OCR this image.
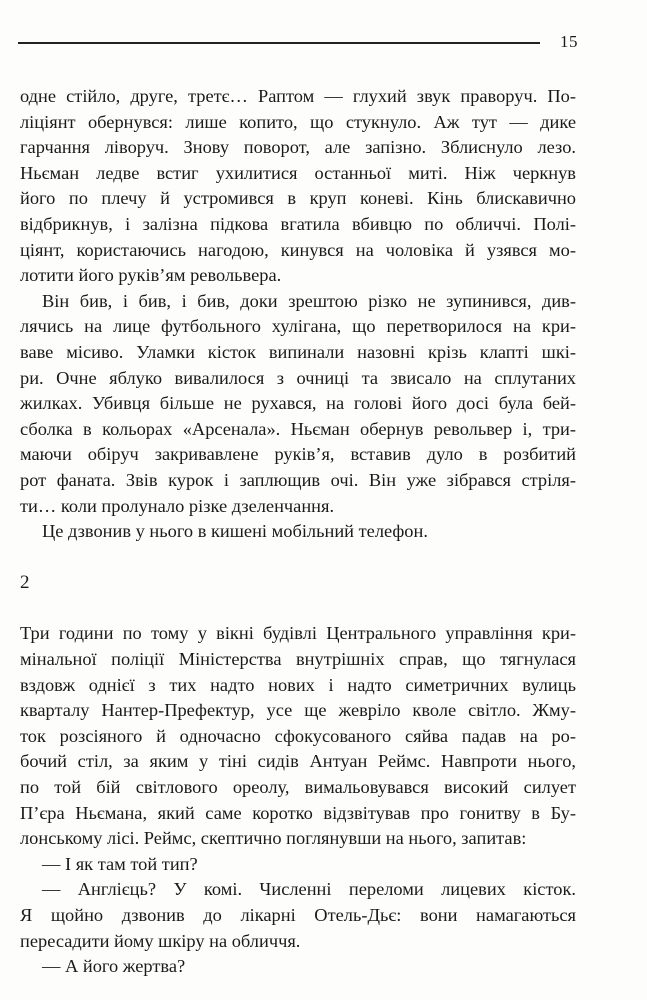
15

одне стійло, друге, третє… Раптом — глухий звук праворуч. По-

ліціянт обернувся: лише копито, що стукнуло. Аж тут — дике

гарчання ліворуч. Знову поворот, але запізно. Зблиснуло лезо.

Ньєман ледве встиг ухилитися останньої миті. Ніж черкнув

його по плечу й устромився в круп коневі. Кінь блискавично

відбрикнув, і залізна підкова вгатила вбивцю по обличчі. Полі-

ціянт, користаючись нагодою, кинувся на чоловіка й узявся мо-

лотити його руків’ям револьвера.

Він бив, і бив, і бив, доки зрештою різко не зупинився, див-

лячись на лице футбольного хулігана, що перетворилося на кри-

ваве місиво. Уламки кісток випинали назовні крізь клапті шкі-

ри. Очне яблуко вивалилося з очниці та звисало на сплутаних

жилках. Убивця більше не рухався, на голові його досі була бей-

сболка в кольорах «Арсенала». Ньєман обернув револьвер і, три-

маючи обіруч закривавлене руків’я, вставив дуло в розбитий

рот фаната. Звів курок і заплющив очі. Він уже зібрався стріля-

ти… коли пролунало різке дзеленчання.

Це дзвонив у нього в кишені мобільний телефон.

2

Три години по тому у вікні будівлі Центрального управління кри-

мінальної поліції Міністерства внутрішніх справ, що тягнулася

вздовж однієї з тих надто нових і надто симетричних вулиць

кварталу Нантер-Префектур, усе ще жевріло кволе світло. Жму-

ток розсіяного й одночасно сфокусованого сяйва падав на ро-

бочий стіл, за яким у тіні сидів Антуан Реймс. Навпроти нього,

по той бій світлового ореолу, вимальовувався високий силует

П’єра Ньємана, який саме коротко відзвітував про гонитву в Бу-

лонському лісі. Реймс, скептично поглянувши на нього, запитав:

— І як там той тип?

— Англієць? У комі. Численні переломи лицевих кісток.

Я щойно дзвонив до лікарні Отель-Дьє: вони намагаються

пересадити йому шкіру на обличчя.

— А його жертва?
